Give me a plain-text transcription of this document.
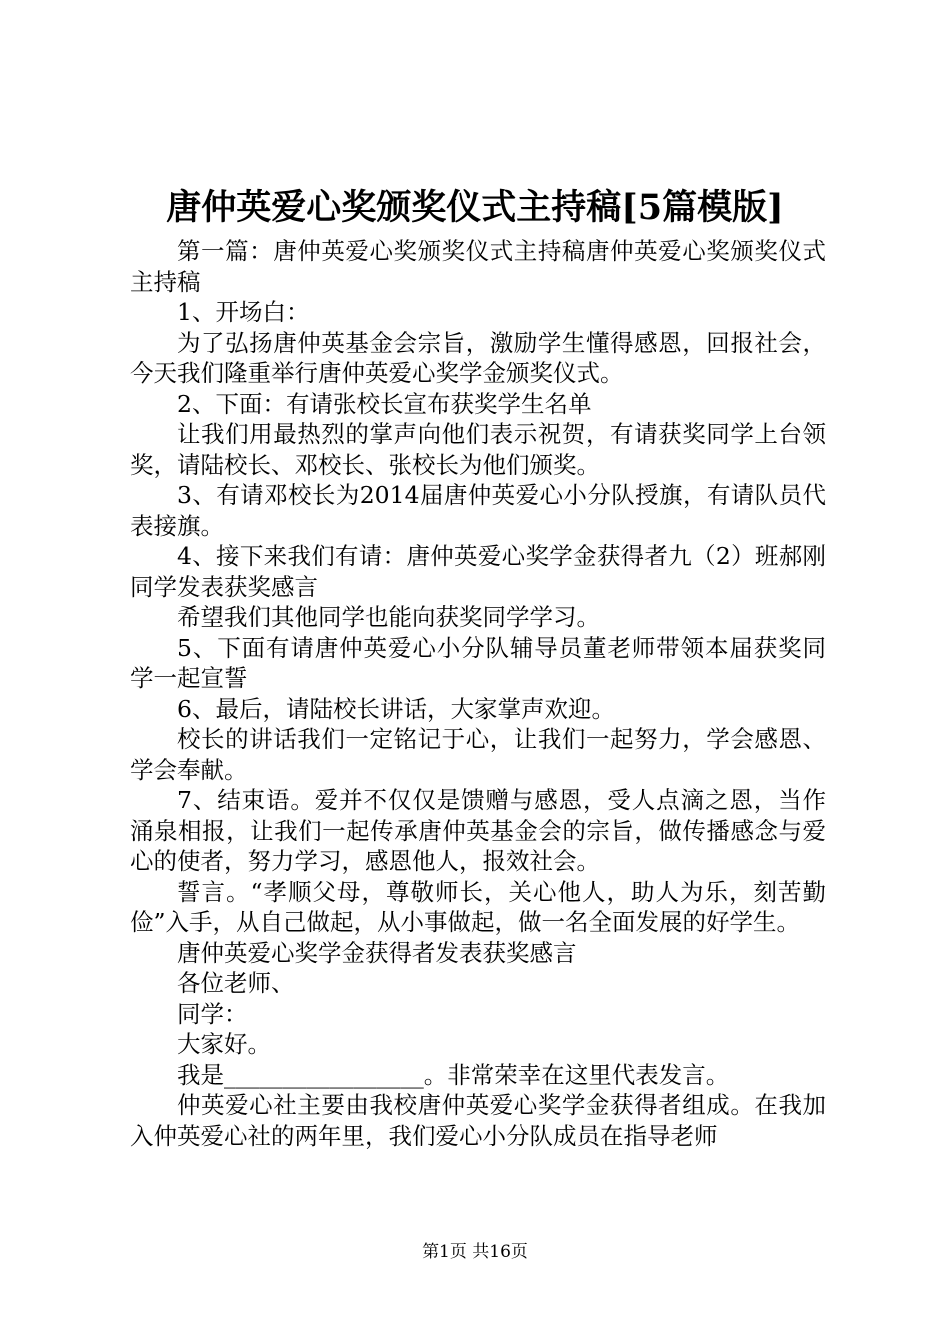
唐仲英爱心奖颁奖仪式主持稿[5篇模版]

第一篇：唐仲英爱心奖颁奖仪式主持稿唐仲英爱心奖颁奖仪式主持稿

1、开场白：

为了弘扬唐仲英基金会宗旨，激励学生懂得感恩，回报社会，今天我们隆重举行唐仲英爱心奖学金颁奖仪式。

2、下面：有请张校长宣布获奖学生名单

让我们用最热烈的掌声向他们表示祝贺，有请获奖同学上台领奖，请陆校长、邓校长、张校长为他们颁奖。

3、有请邓校长为2014届唐仲英爱心小分队授旗，有请队员代表接旗。

4、接下来我们有请：唐仲英爱心奖学金获得者九（2）班郝刚同学发表获奖感言

希望我们其他同学也能向获奖同学学习。

5、下面有请唐仲英爱心小分队辅导员董老师带领本届获奖同学一起宣誓

6、最后，请陆校长讲话，大家掌声欢迎。

校长的讲话我们一定铭记于心，让我们一起努力，学会感恩、学会奉献。

7、结束语。爱并不仅仅是馈赠与感恩，受人点滴之恩，当作涌泉相报，让我们一起传承唐仲英基金会的宗旨，做传播感念与爱心的使者，努力学习，感恩他人，报效社会。

誓言。“孝顺父母，尊敬师长，关心他人，助人为乐，刻苦勤俭”入手，从自己做起，从小事做起，做一名全面发展的好学生。

唐仲英爱心奖学金获得者发表获奖感言

各位老师、

同学：

大家好。

我是_________________。非常荣幸在这里代表发言。

仲英爱心社主要由我校唐仲英爱心奖学金获得者组成。在我加入仲英爱心社的两年里，我们爱心小分队成员在指导老师

第1页 共16页
